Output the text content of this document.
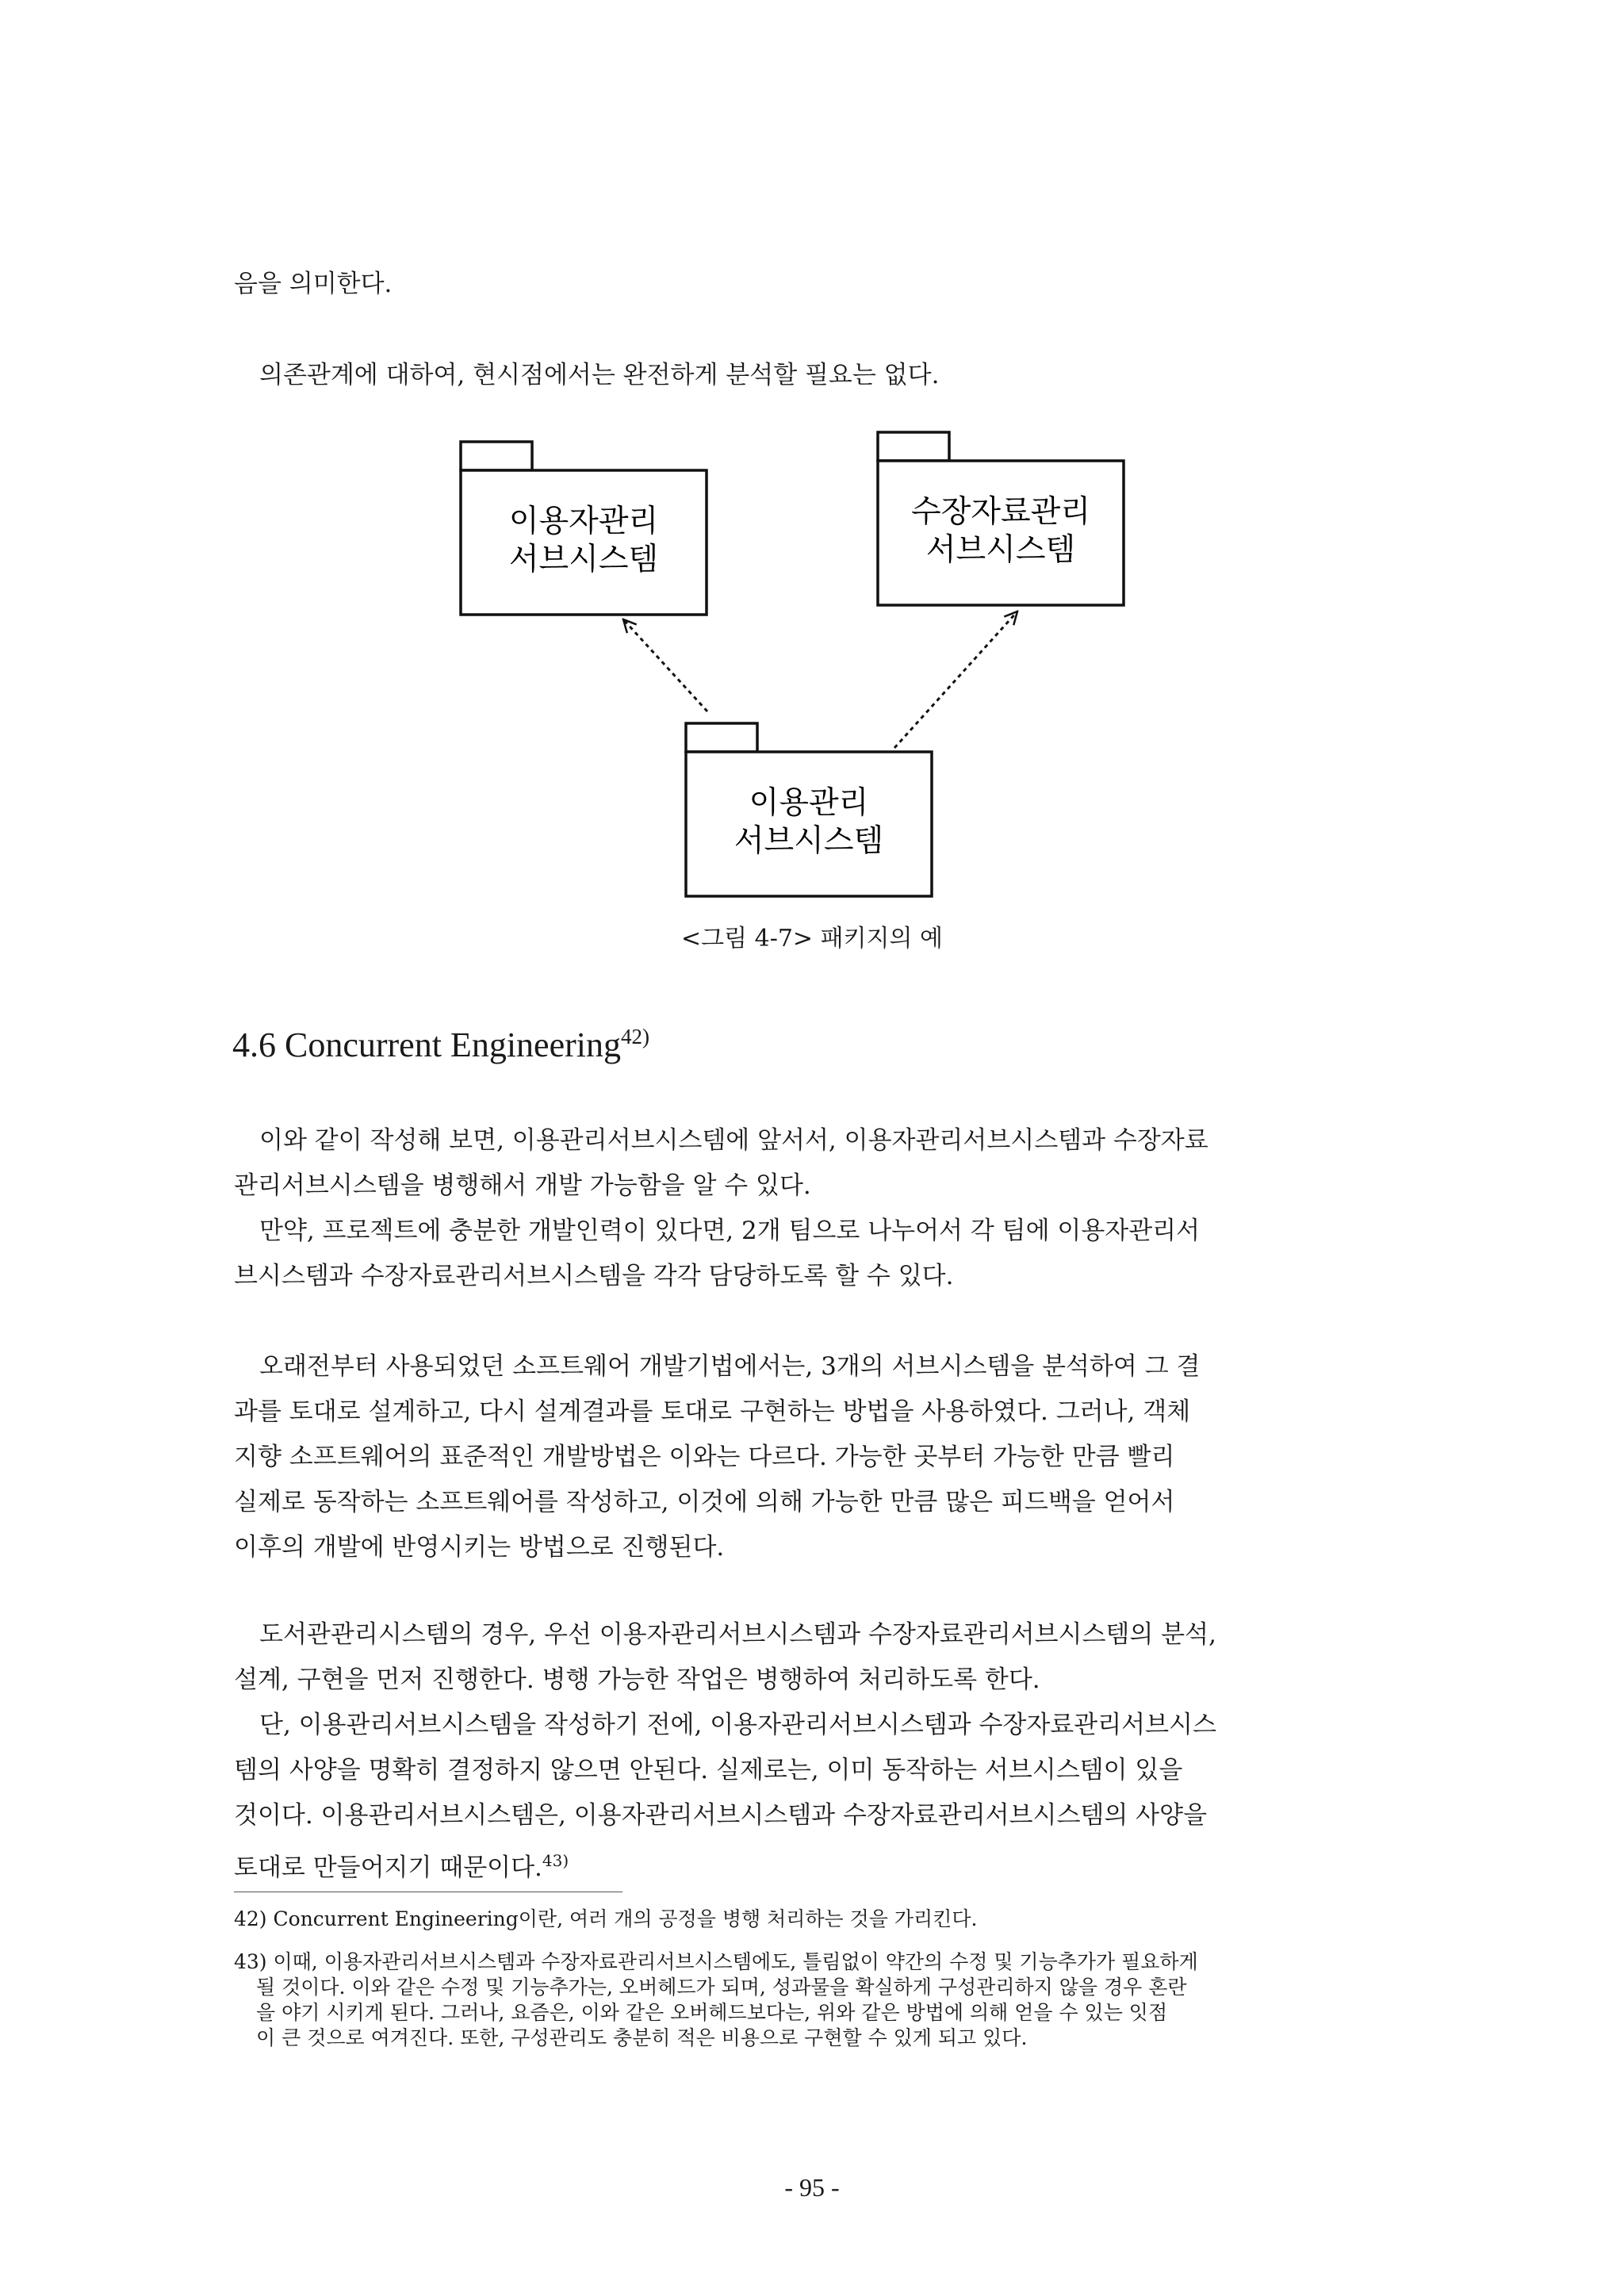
음을 의미한다.

의존관계에 대하여, 현시점에서는 완전하게 분석할 필요는 없다.

이용자관리
서브시스템
수장자료관리
서브시스템
이용관리
서브시스템

<그림 4-7> 패키지의 예

4.6 Concurrent Engineering$^{42)}$

이와 같이 작성해 보면, 이용관리서브시스템에 앞서서, 이용자관리서브시스템과 수장자료
관리서브시스템을 병행해서 개발 가능함을 알 수 있다.
만약, 프로젝트에 충분한 개발인력이 있다면, 2개 팀으로 나누어서 각 팀에 이용자관리서
브시스템과 수장자료관리서브시스템을 각각 담당하도록 할 수 있다.

오래전부터 사용되었던 소프트웨어 개발기법에서는, 3개의 서브시스템을 분석하여 그 결
과를 토대로 설계하고, 다시 설계결과를 토대로 구현하는 방법을 사용하였다. 그러나, 객체
지향 소프트웨어의 표준적인 개발방법은 이와는 다르다. 가능한 곳부터 가능한 만큼 빨리
실제로 동작하는 소프트웨어를 작성하고, 이것에 의해 가능한 만큼 많은 피드백을 얻어서
이후의 개발에 반영시키는 방법으로 진행된다.

도서관관리시스템의 경우, 우선 이용자관리서브시스템과 수장자료관리서브시스템의 분석,
설계, 구현을 먼저 진행한다. 병행 가능한 작업은 병행하여 처리하도록 한다.
단, 이용관리서브시스템을 작성하기 전에, 이용자관리서브시스템과 수장자료관리서브시스
템의 사양을 명확히 결정하지 않으면 안된다. 실제로는, 이미 동작하는 서브시스템이 있을
것이다. 이용관리서브시스템은, 이용자관리서브시스템과 수장자료관리서브시스템의 사양을
토대로 만들어지기 때문이다.$^{43)}$

42) Concurrent Engineering이란, 여러 개의 공정을 병행 처리하는 것을 가리킨다.

43) 이때, 이용자관리서브시스템과 수장자료관리서브시스템에도, 틀림없이 약간의 수정 및 기능추가가 필요하게
될 것이다. 이와 같은 수정 및 기능추가는, 오버헤드가 되며, 성과물을 확실하게 구성관리하지 않을 경우 혼란
을 야기 시키게 된다. 그러나, 요즘은, 이와 같은 오버헤드보다는, 위와 같은 방법에 의해 얻을 수 있는 잇점
이 큰 것으로 여겨진다. 또한, 구성관리도 충분히 적은 비용으로 구현할 수 있게 되고 있다.

- 95 -
